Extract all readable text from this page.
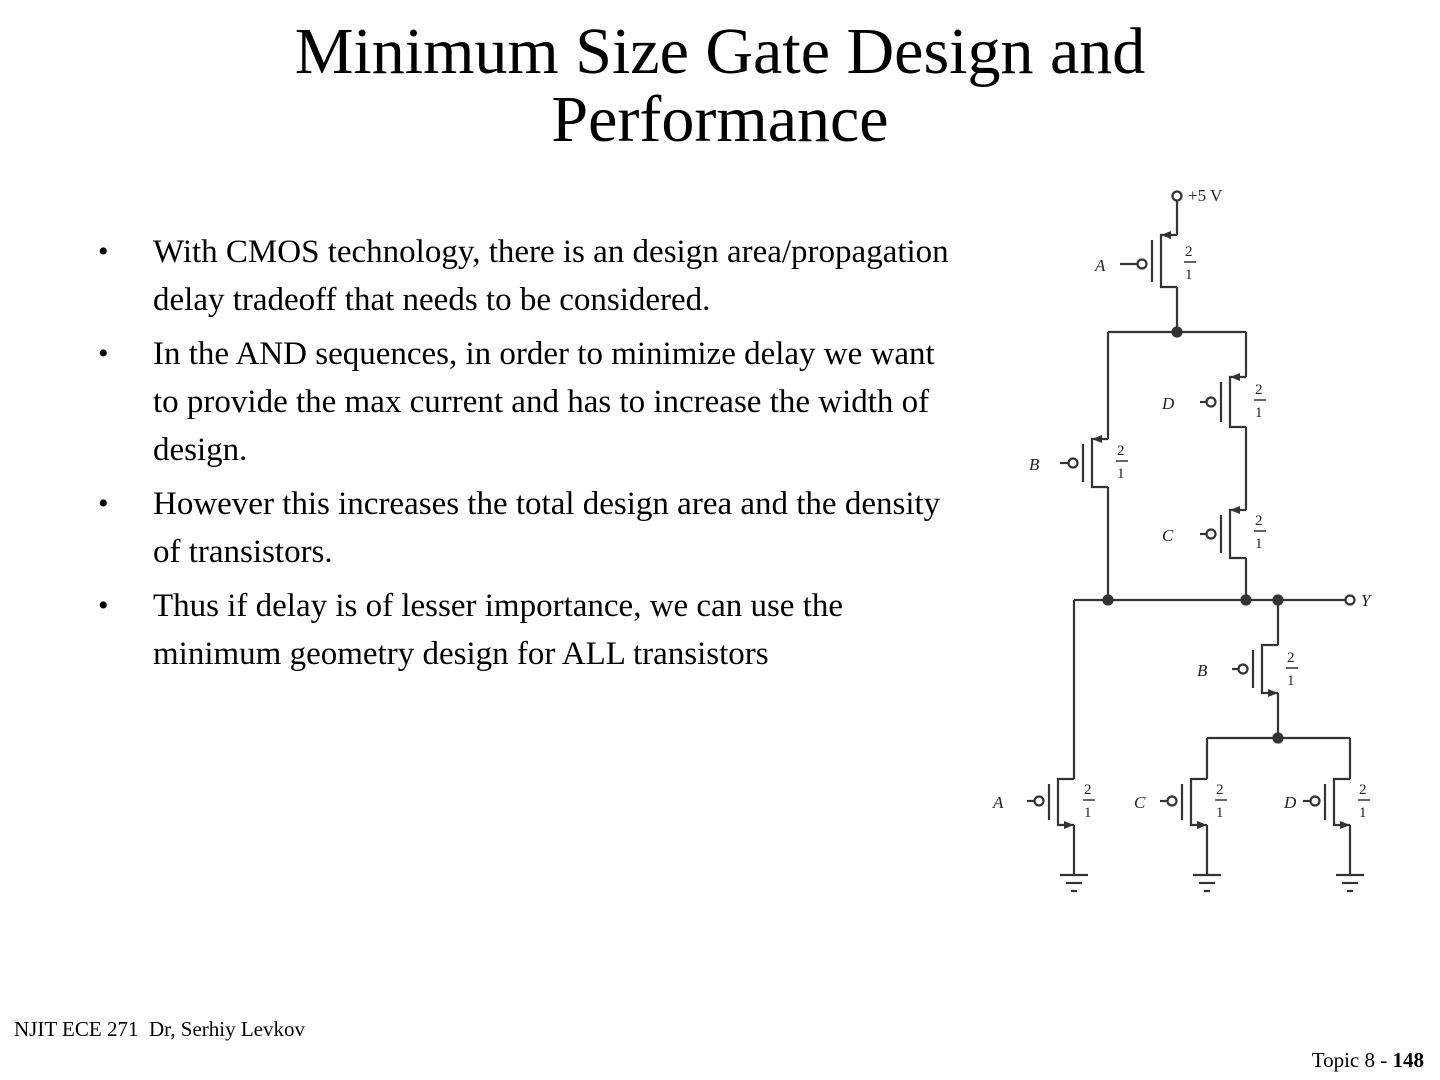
Minimum Size Gate Design and
Performance
• With CMOS technology, there is an design area/propagation delay tradeoff that needs to be considered.
• In the AND sequences, in order to minimize delay we want to provide the max current and has to increase the width of design.
• However this increases the total design area and the density of transistors.
• Thus if delay is of lesser importance, we can use the minimum geometry design for ALL transistors
+5 V
A
2
1
D
2
1
C
2
1
B
2
1
Y
B
2
1
A
2
1
C
2
1
D
2
1
NJIT ECE 271  Dr, Serhiy Levkov
Topic 8 - 148
